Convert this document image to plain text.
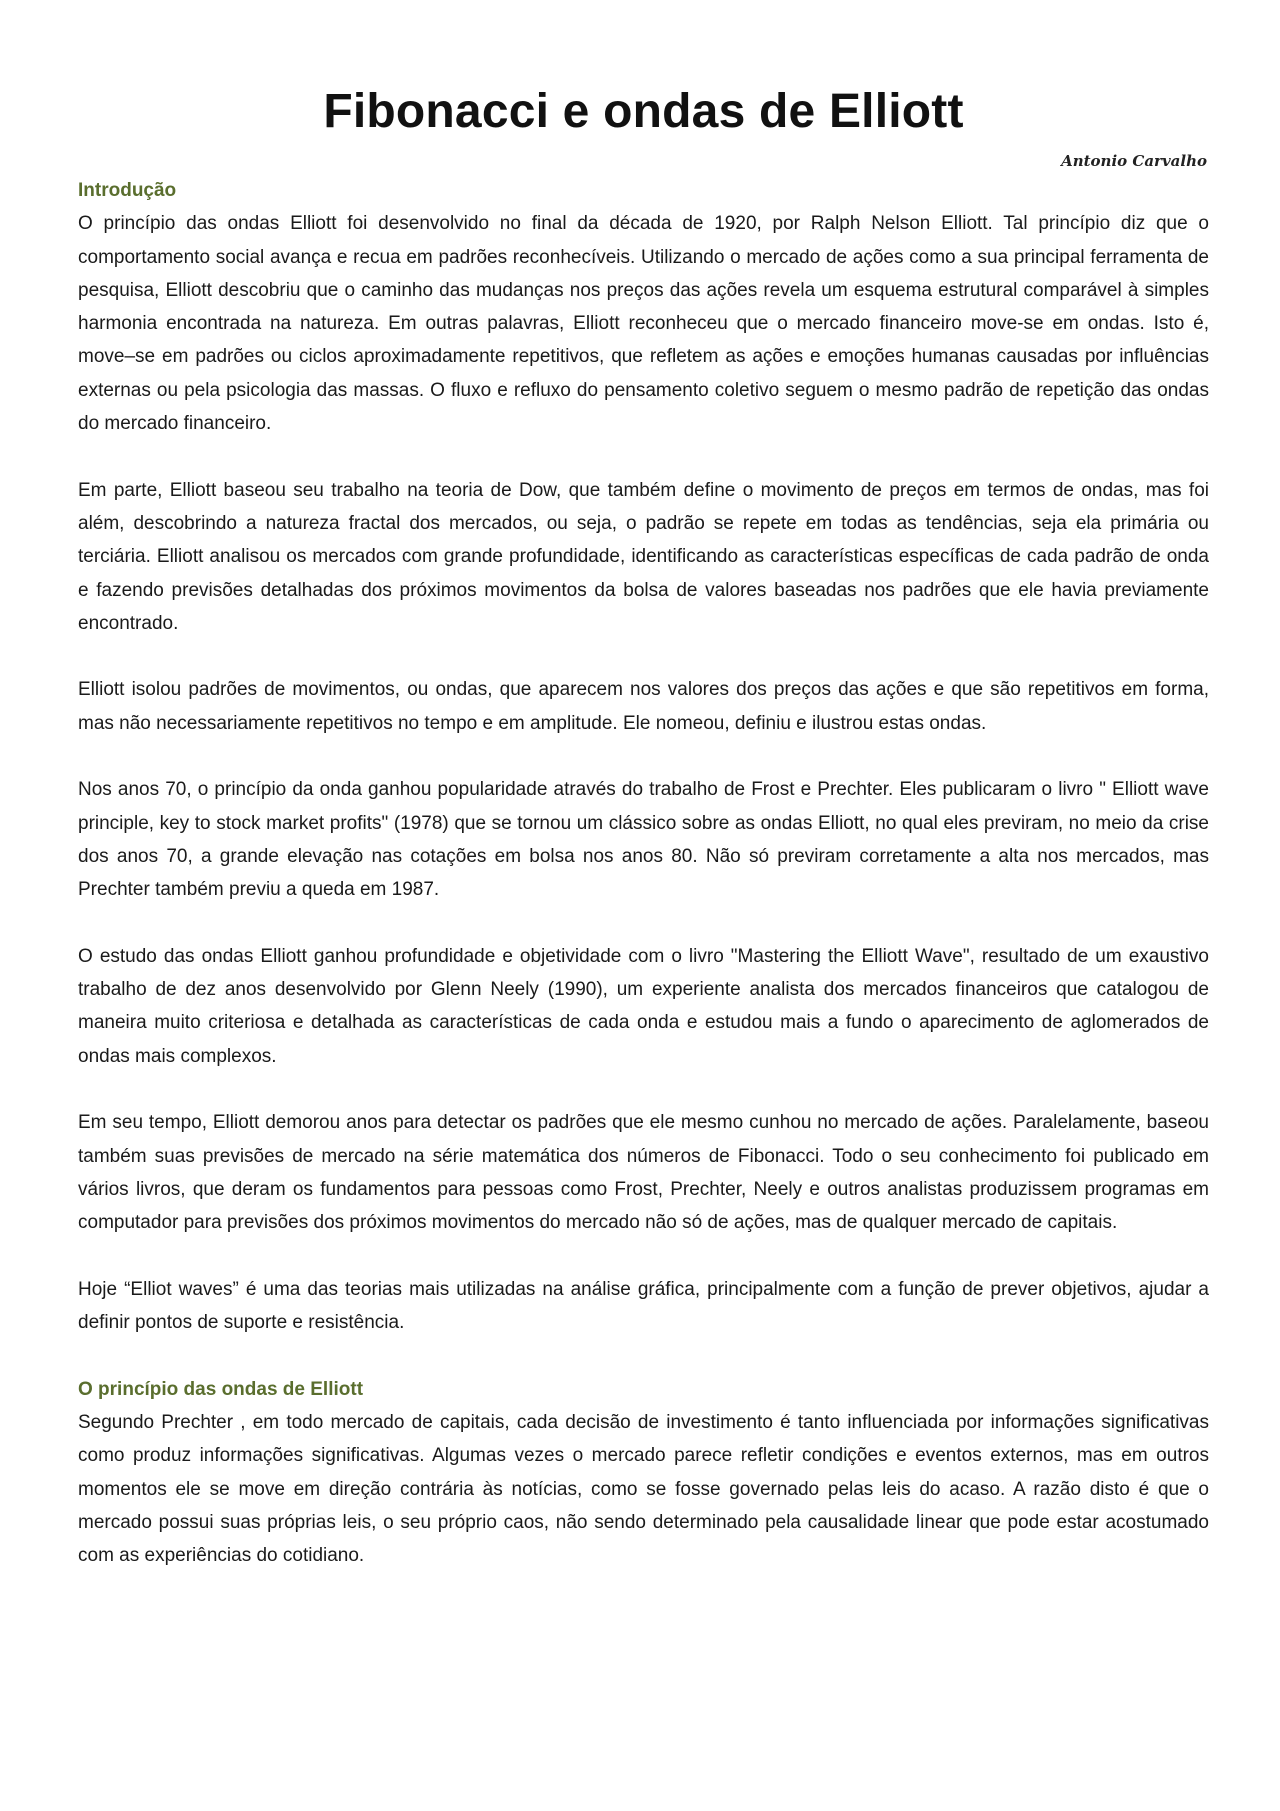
Fibonacci e ondas de Elliott
Antonio Carvalho
Introdução

O princípio das ondas Elliott foi desenvolvido no final da década de 1920, por Ralph Nelson Elliott. Tal princípio diz que o comportamento social avança e recua em padrões reconhecíveis. Utilizando o mercado de ações como a sua principal ferramenta de pesquisa, Elliott descobriu que o caminho das mudanças nos preços das ações revela um esquema estrutural comparável à simples harmonia encontrada na natureza. Em outras palavras, Elliott reconheceu que o mercado financeiro move-se em ondas. Isto é, move–se em padrões ou ciclos aproximadamente repetitivos, que refletem as ações e emoções humanas causadas por influências externas ou pela psicologia das massas. O fluxo e refluxo do pensamento coletivo seguem o mesmo padrão de repetição das ondas do mercado financeiro.

Em parte, Elliott baseou seu trabalho na teoria de Dow, que também define o movimento de preços em termos de ondas, mas foi além, descobrindo a natureza fractal dos mercados, ou seja, o padrão se repete em todas as tendências, seja ela primária ou terciária. Elliott analisou os mercados com grande profundidade, identificando as características específicas de cada padrão de onda e fazendo previsões detalhadas dos próximos movimentos da bolsa de valores baseadas nos padrões que ele havia previamente encontrado.

Elliott isolou padrões de movimentos, ou ondas, que aparecem nos valores dos preços das ações e que são repetitivos em forma, mas não necessariamente repetitivos no tempo e em amplitude. Ele nomeou, definiu e ilustrou estas ondas.

Nos anos 70, o princípio da onda ganhou popularidade através do trabalho de Frost e Prechter. Eles publicaram o livro " Elliott wave principle, key to stock market profits" (1978) que se tornou um clássico sobre as ondas Elliott, no qual eles previram, no meio da crise dos anos 70, a grande elevação nas cotações em bolsa nos anos 80. Não só previram corretamente a alta nos mercados, mas Prechter também previu a queda em 1987.

O estudo das ondas Elliott ganhou profundidade e objetividade com o livro "Mastering the Elliott Wave", resultado de um exaustivo trabalho de dez anos desenvolvido por Glenn Neely (1990), um experiente analista dos mercados financeiros que catalogou de maneira muito criteriosa e detalhada as características de cada onda e estudou mais a fundo o aparecimento de aglomerados de ondas mais complexos.

Em seu tempo, Elliott demorou anos para detectar os padrões que ele mesmo cunhou no mercado de ações. Paralelamente, baseou também suas previsões de mercado na série matemática dos números de Fibonacci. Todo o seu conhecimento foi publicado em vários livros, que deram os fundamentos para pessoas como Frost, Prechter, Neely e outros analistas produzissem programas em computador para previsões dos próximos movimentos do mercado não só de ações, mas de qualquer mercado de capitais.

Hoje “Elliot waves” é uma das teorias mais utilizadas na análise gráfica, principalmente com a função de prever objetivos, ajudar a definir pontos de suporte e resistência.

O princípio das ondas de Elliott

Segundo Prechter , em todo mercado de capitais, cada decisão de investimento é tanto influenciada por informações significativas como produz informações significativas. Algumas vezes o mercado parece refletir condições e eventos externos, mas em outros momentos ele se move em direção contrária às notícias, como se fosse governado pelas leis do acaso. A razão disto é que o mercado possui suas próprias leis, o seu próprio caos, não sendo determinado pela causalidade linear que pode estar acostumado com as experiências do cotidiano.
